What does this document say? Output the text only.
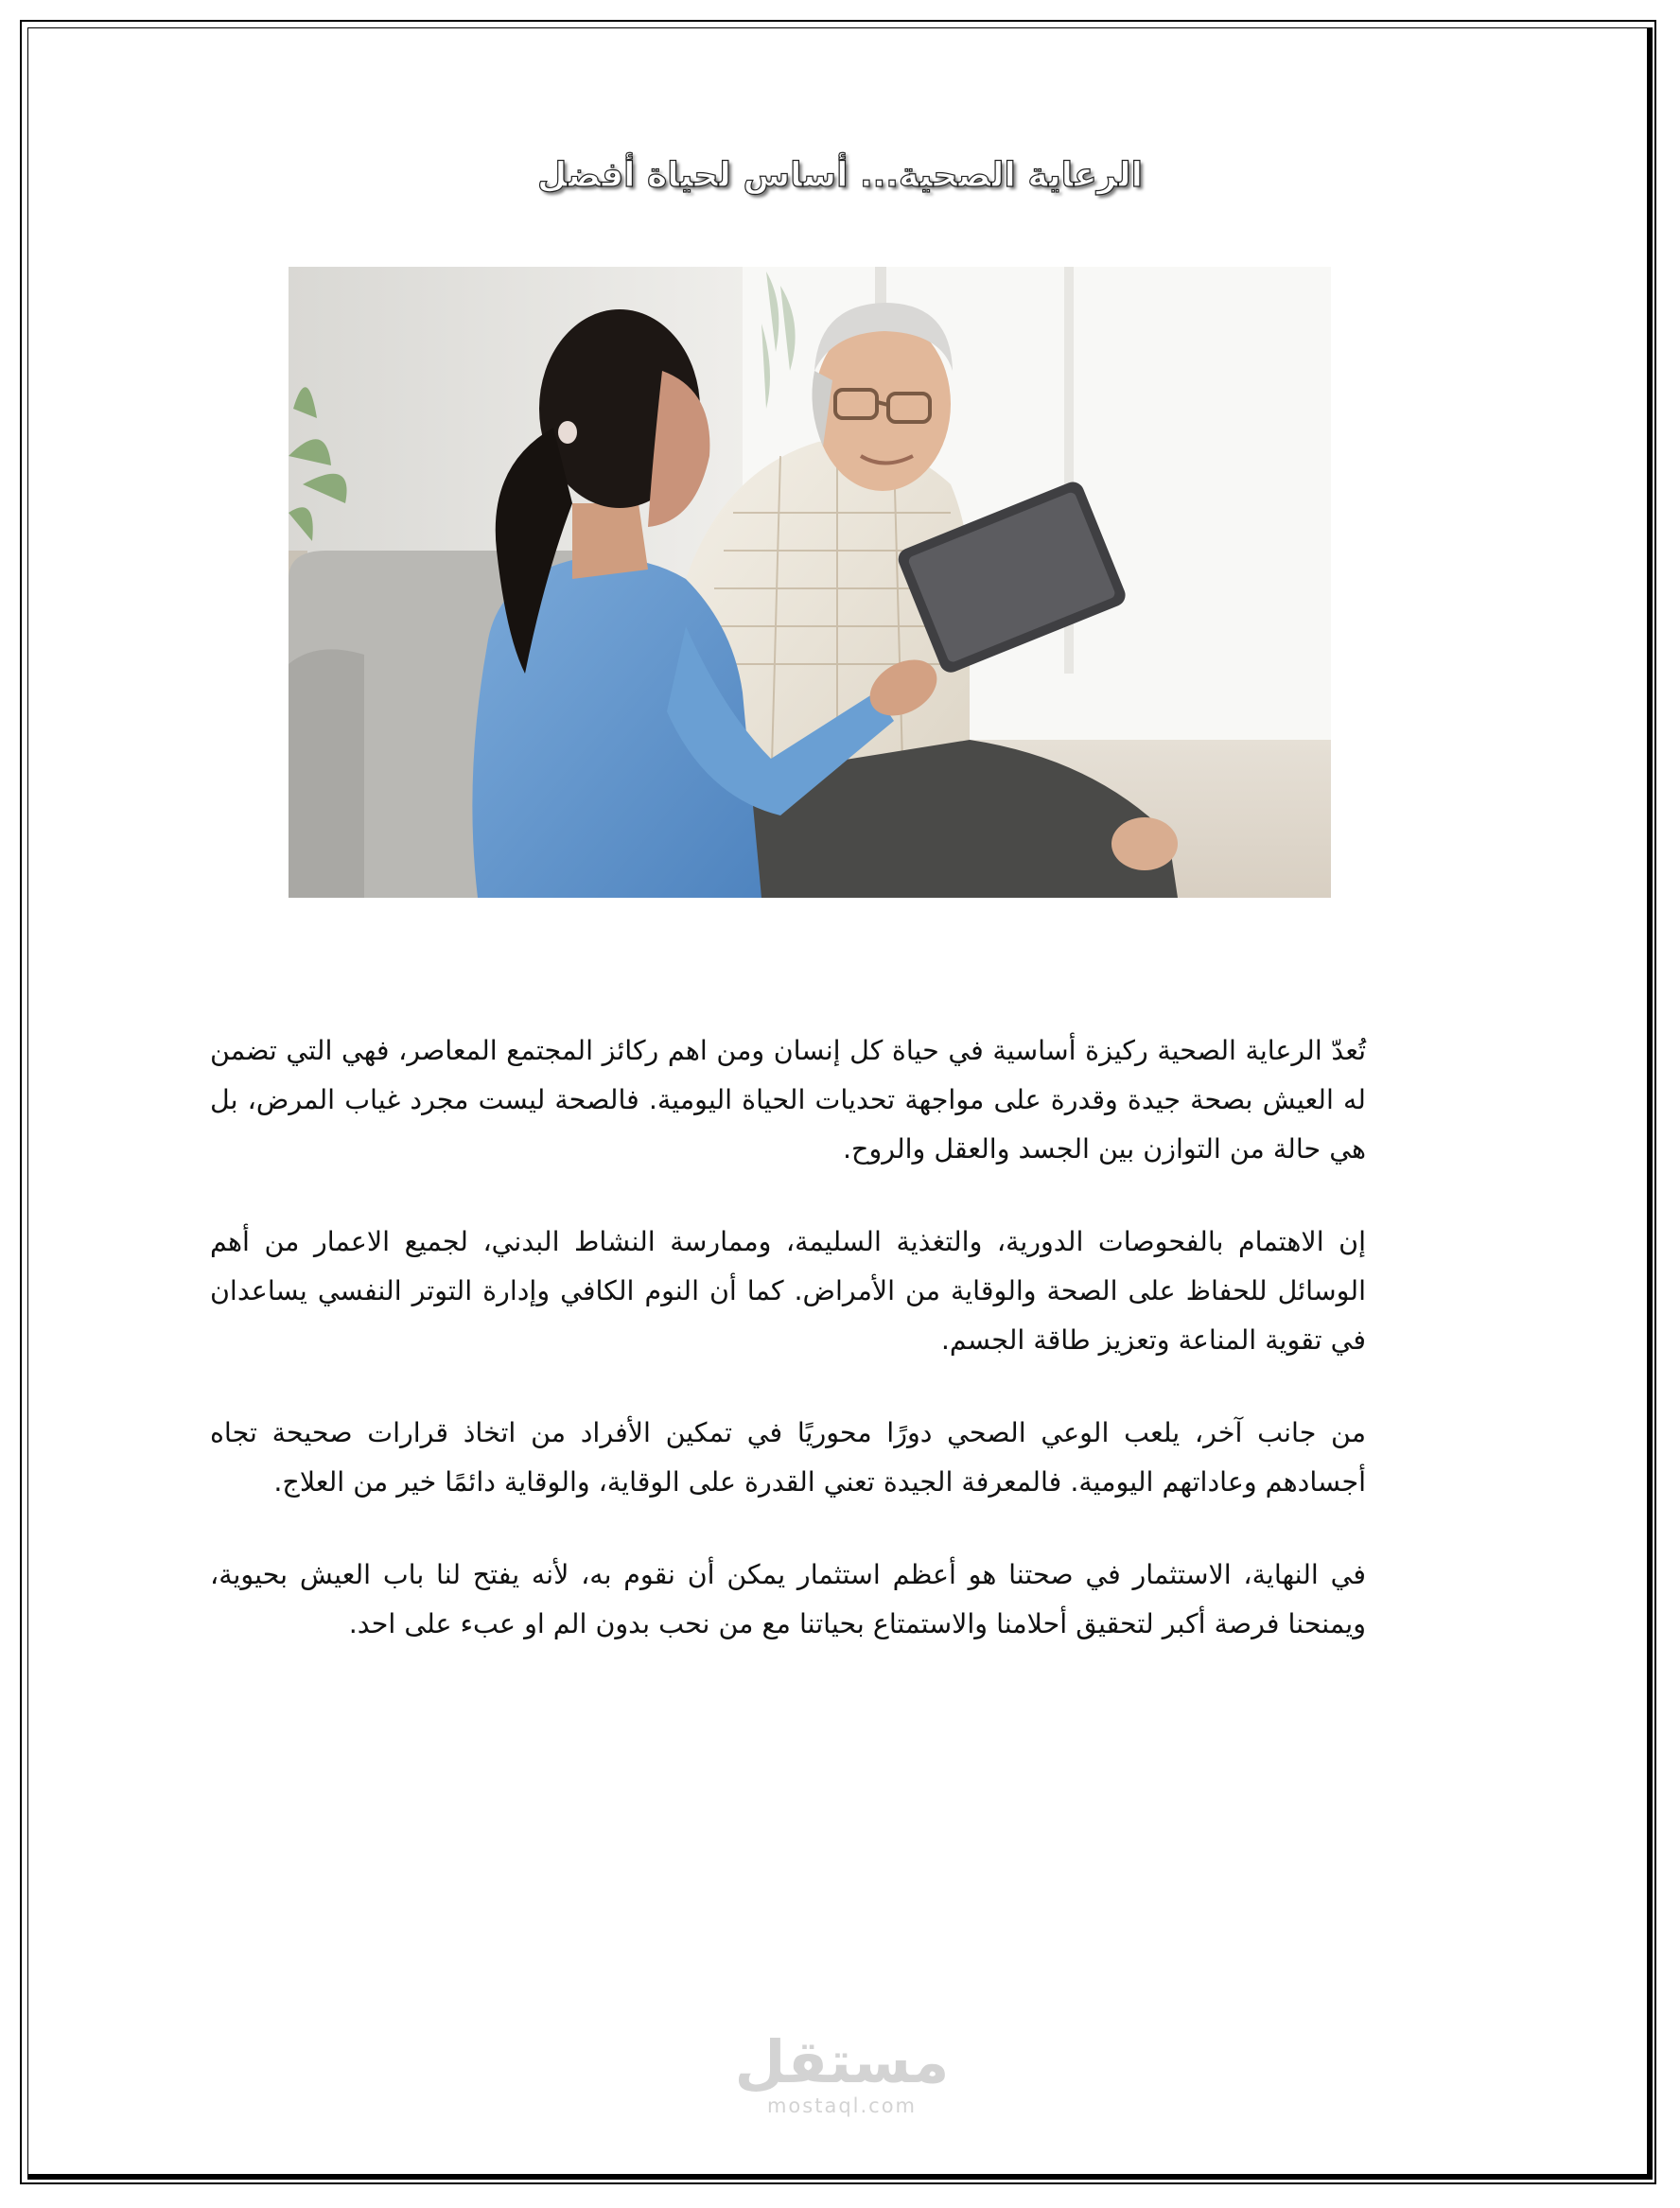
الرعاية الصحية... أساس لحياة أفضل

تُعدّ الرعاية الصحية ركيزة أساسية في حياة كل إنسان ومن اهم ركائز المجتمع المعاصر، فهي التي تضمن له العيش بصحة جيدة وقدرة على مواجهة تحديات الحياة اليومية. فالصحة ليست مجرد غياب المرض، بل هي حالة من التوازن بين الجسد والعقل والروح.

إن الاهتمام بالفحوصات الدورية، والتغذية السليمة، وممارسة النشاط البدني، لجميع الاعمار من أهم الوسائل للحفاظ على الصحة والوقاية من الأمراض. كما أن النوم الكافي وإدارة التوتر النفسي يساعدان في تقوية المناعة وتعزيز طاقة الجسم.

من جانب آخر، يلعب الوعي الصحي دورًا محوريًا في تمكين الأفراد من اتخاذ قرارات صحيحة تجاه أجسادهم وعاداتهم اليومية. فالمعرفة الجيدة تعني القدرة على الوقاية، والوقاية دائمًا خير من العلاج.

في النهاية، الاستثمار في صحتنا هو أعظم استثمار يمكن أن نقوم به، لأنه يفتح لنا باب العيش بحيوية، ويمنحنا فرصة أكبر لتحقيق أحلامنا والاستمتاع بحياتنا مع من نحب بدون الم او عبء على احد.

مستقل
mostaql.com
